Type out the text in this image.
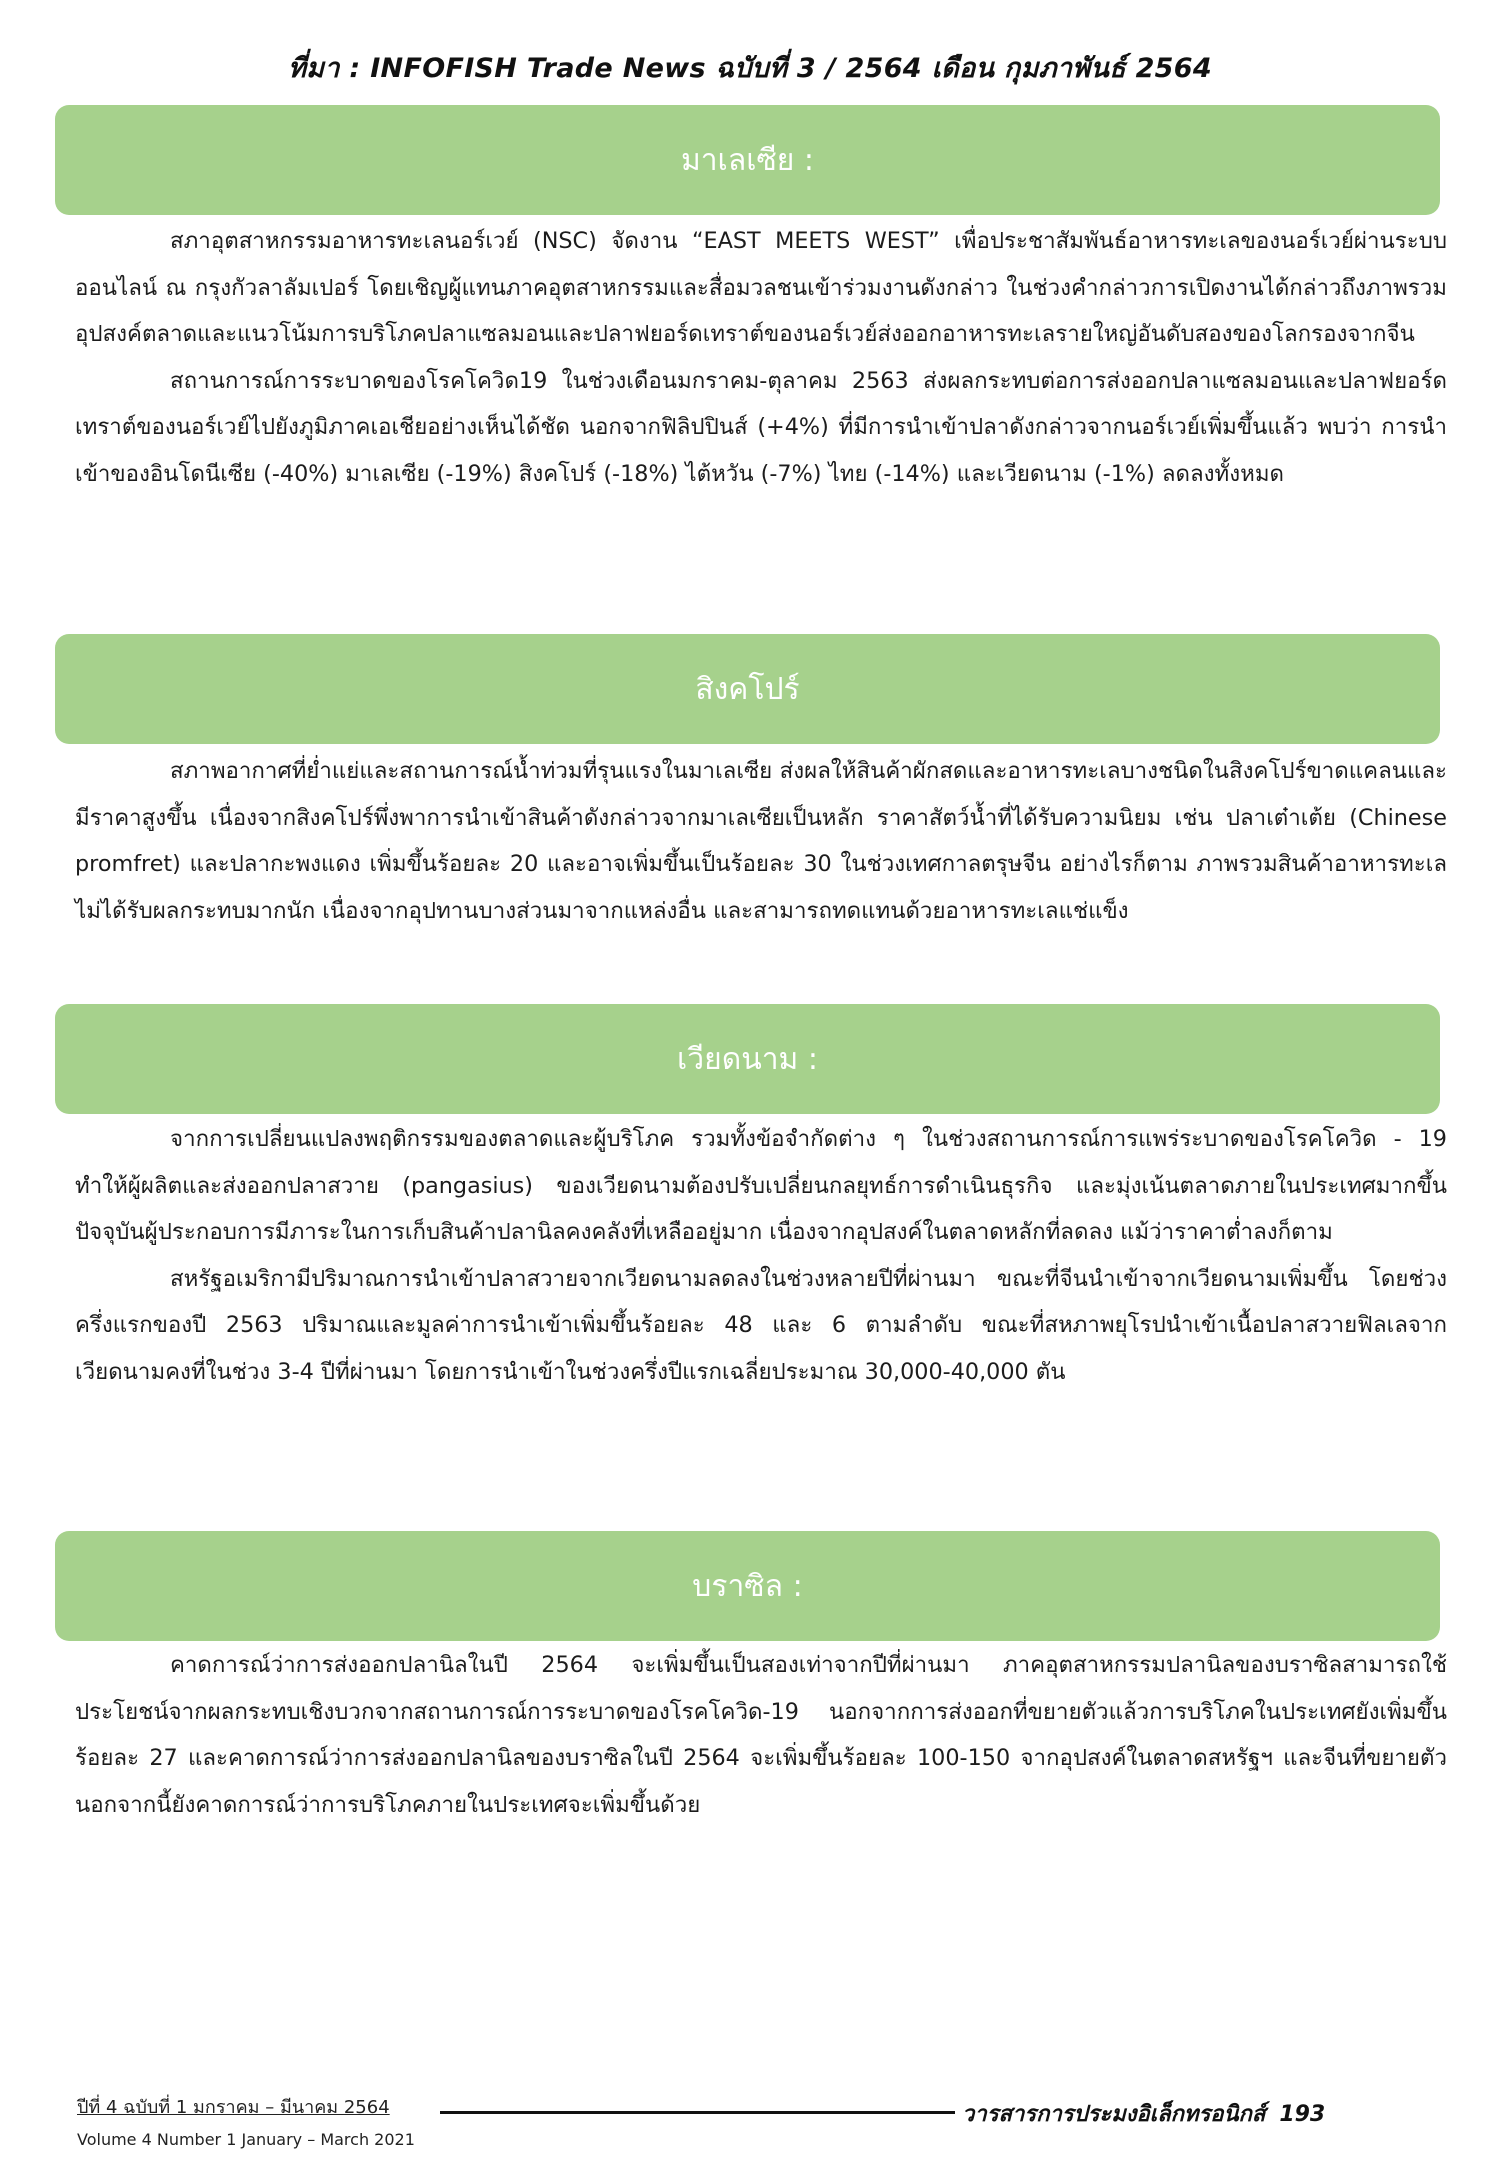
ที่มา : INFOFISH Trade News ฉบับที่ 3 / 2564 เดือน กุมภาพันธ์ 2564
มาเลเซีย :

สภาอุตสาหกรรมอาหารทะเลนอร์เวย์ (NSC) จัดงาน “EAST MEETS WEST” เพื่อประชาสัมพันธ์อาหารทะเลของนอร์เวย์ผ่านระบบออนไลน์ ณ กรุงกัวลาลัมเปอร์ โดยเชิญผู้แทนภาคอุตสาหกรรมและสื่อมวลชนเข้าร่วมงานดังกล่าว ในช่วงคำกล่าวการเปิดงานได้กล่าวถึงภาพรวมอุปสงค์ตลาดและแนวโน้มการบริโภคปลาแซลมอนและปลาฟยอร์ดเทราต์ของนอร์เวย์ส่งออกอาหารทะเลรายใหญ่อันดับสองของโลกรองจากจีน

สถานการณ์การระบาดของโรคโควิด19 ในช่วงเดือนมกราคม-ตุลาคม 2563 ส่งผลกระทบต่อการส่งออกปลาแซลมอนและปลาฟยอร์ดเทราต์ของนอร์เวย์ไปยังภูมิภาคเอเชียอย่างเห็นได้ชัด นอกจากฟิลิปปินส์ (+4%) ที่มีการนำเข้าปลาดังกล่าวจากนอร์เวย์เพิ่มขึ้นแล้ว พบว่า การนำเข้าของอินโดนีเซีย (-40%) มาเลเซีย (-19%) สิงคโปร์ (-18%) ไต้หวัน (-7%) ไทย (-14%) และเวียดนาม (-1%) ลดลงทั้งหมด

สิงคโปร์

สภาพอากาศที่ย่ำแย่และสถานการณ์น้ำท่วมที่รุนแรงในมาเลเซีย ส่งผลให้สินค้าผักสดและอาหารทะเลบางชนิดในสิงคโปร์ขาดแคลนและมีราคาสูงขึ้น เนื่องจากสิงคโปร์พึ่งพาการนำเข้าสินค้าดังกล่าวจากมาเลเซียเป็นหลัก ราคาสัตว์น้ำที่ได้รับความนิยม เช่น ปลาเต๋าเต้ย (Chinese promfret) และปลากะพงแดง เพิ่มขึ้นร้อยละ 20 และอาจเพิ่มขึ้นเป็นร้อยละ 30 ในช่วงเทศกาลตรุษจีน อย่างไรก็ตาม ภาพรวมสินค้าอาหารทะเลไม่ได้รับผลกระทบมากนัก เนื่องจากอุปทานบางส่วนมาจากแหล่งอื่น และสามารถทดแทนด้วยอาหารทะเลแช่แข็ง

เวียดนาม :

จากการเปลี่ยนแปลงพฤติกรรมของตลาดและผู้บริโภค รวมทั้งข้อจำกัดต่าง ๆ ในช่วงสถานการณ์การแพร่ระบาดของโรคโควิด - 19 ทำให้ผู้ผลิตและส่งออกปลาสวาย (pangasius) ของเวียดนามต้องปรับเปลี่ยนกลยุทธ์การดำเนินธุรกิจ และมุ่งเน้นตลาดภายในประเทศมากขึ้น ปัจจุบันผู้ประกอบการมีภาระในการเก็บสินค้าปลานิลคงคลังที่เหลืออยู่มาก เนื่องจากอุปสงค์ในตลาดหลักที่ลดลง แม้ว่าราคาต่ำลงก็ตาม

สหรัฐอเมริกามีปริมาณการนำเข้าปลาสวายจากเวียดนามลดลงในช่วงหลายปีที่ผ่านมา ขณะที่จีนนำเข้าจากเวียดนามเพิ่มขึ้น โดยช่วงครึ่งแรกของปี 2563 ปริมาณและมูลค่าการนำเข้าเพิ่มขึ้นร้อยละ 48 และ 6 ตามลำดับ ขณะที่สหภาพยุโรปนำเข้าเนื้อปลาสวายฟิลเลจากเวียดนามคงที่ในช่วง 3-4 ปีที่ผ่านมา โดยการนำเข้าในช่วงครึ่งปีแรกเฉลี่ยประมาณ 30,000-40,000 ตัน

บราซิล :

คาดการณ์ว่าการส่งออกปลานิลในปี 2564 จะเพิ่มขึ้นเป็นสองเท่าจากปีที่ผ่านมา ภาคอุตสาหกรรมปลานิลของบราซิลสามารถใช้ประโยชน์จากผลกระทบเชิงบวกจากสถานการณ์การระบาดของโรคโควิด-19 นอกจากการส่งออกที่ขยายตัวแล้วการบริโภคในประเทศยังเพิ่มขึ้นร้อยละ 27 และคาดการณ์ว่าการส่งออกปลานิลของบราซิลในปี 2564 จะเพิ่มขึ้นร้อยละ 100-150 จากอุปสงค์ในตลาดสหรัฐฯ และจีนที่ขยายตัว นอกจากนี้ยังคาดการณ์ว่าการบริโภคภายในประเทศจะเพิ่มขึ้นด้วย

ปีที่ 4 ฉบับที่ 1 มกราคม – มีนาคม 2564
Volume 4 Number 1 January – March 2021
วารสารการประมงอิเล็กทรอนิกส์ 193
